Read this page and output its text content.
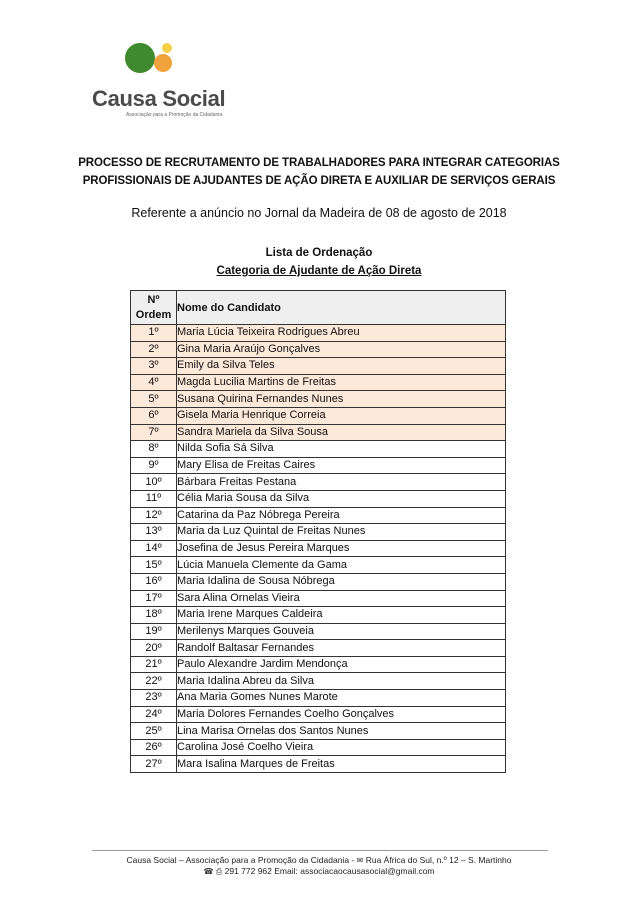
Causa Social
Associação para a Promoção da Cidadania
PROCESSO DE RECRUTAMENTO DE TRABALHADORES PARA INTEGRAR CATEGORIAS
PROFISSIONAIS DE AJUDANTES DE AÇÃO DIRETA E AUXILIAR DE SERVIÇOS GERAIS
Referente a anúncio no Jornal da Madeira de 08 de agosto de 2018
Lista de Ordenação
Categoria de Ajudante de Ação Direta
Nº
Ordem	Nome do Candidato
1º	Maria Lúcia Teixeira Rodrigues Abreu
2º	Gina Maria Araújo Gonçalves
3º	Emily da Silva Teles
4º	Magda Lucilia Martins de Freitas
5º	Susana Quirina Fernandes Nunes
6º	Gisela Maria Henrique Correia
7º	Sandra Mariela da Silva Sousa
8º	Nilda Sofia Sá Silva
9º	Mary Elisa de Freitas Caires
10º	Bárbara Freitas Pestana
11º	Célia Maria Sousa da Silva
12º	Catarina da Paz Nóbrega Pereira
13º	Maria da Luz Quintal de Freitas Nunes
14º	Josefina de Jesus Pereira Marques
15º	Lúcia Manuela Clemente da Gama
16º	Maria Idalina de Sousa Nóbrega
17º	Sara Alina Ornelas Vieira
18º	Maria Irene Marques Caldeira
19º	Merilenys Marques Gouveia
20º	Randolf Baltasar Fernandes
21º	Paulo Alexandre Jardim Mendonça
22º	Maria Idalina Abreu da Silva
23º	Ana Maria Gomes Nunes Marote
24º	Maria Dolores Fernandes Coelho Gonçalves
25º	Lina Marisa Ornelas dos Santos Nunes
26º	Carolina José Coelho Vieira
27º	Mara Isalina Marques de Freitas
Causa Social – Associação para a Promoção da Cidadania - ✉ Rua África do Sul, n.º 12 – S. Martinho
☎ ⎙ 291 772 962 Email: associacaocausasocial@gmail.com
